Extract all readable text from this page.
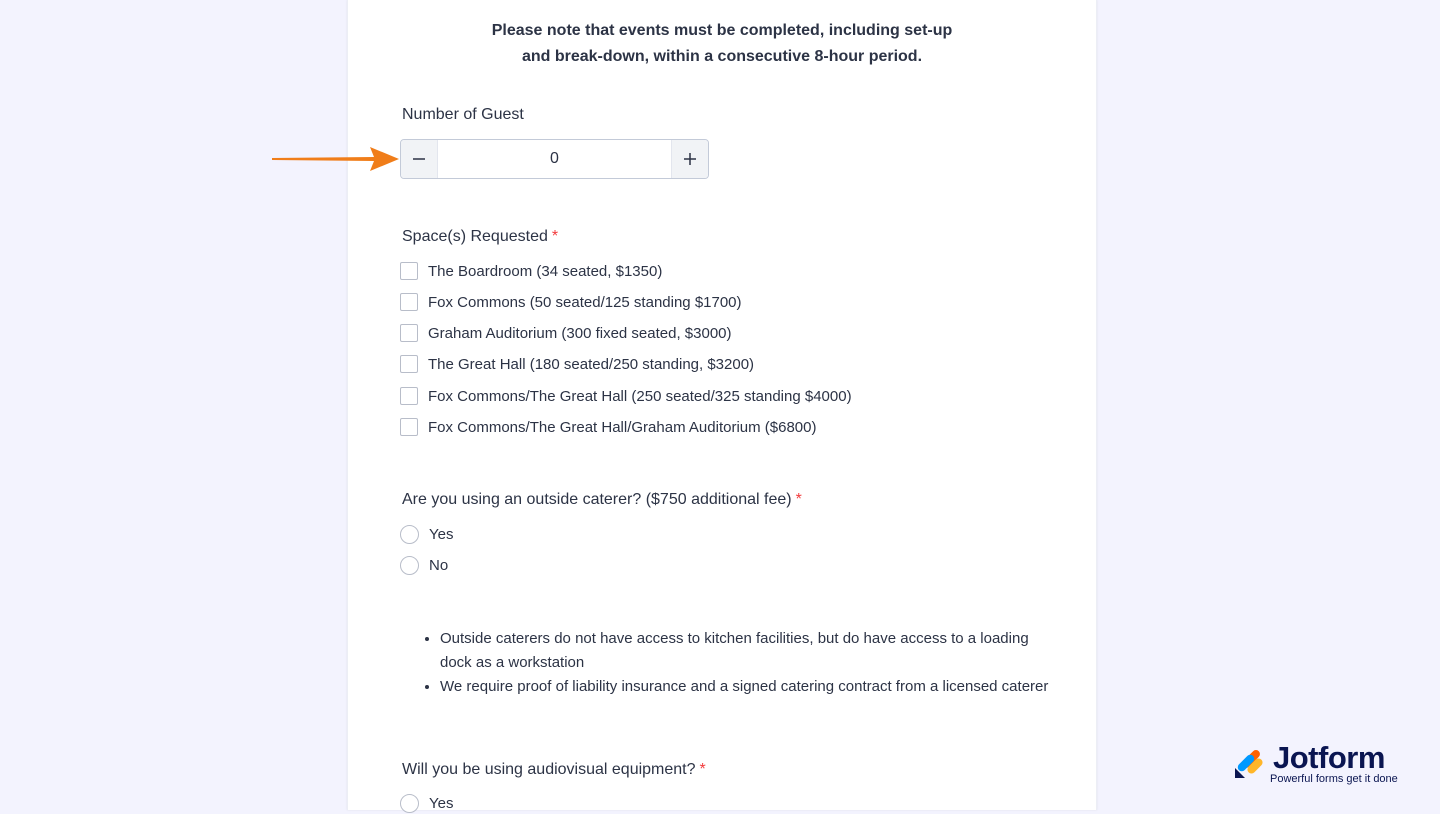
Please note that events must be completed, including set-up
and break-down, within a consecutive 8-hour period.
Number of Guest
0
Space(s) Requested *
The Boardroom (34 seated, $1350)
Fox Commons (50 seated/125 standing $1700)
Graham Auditorium (300 fixed seated, $3000)
The Great Hall (180 seated/250 standing, $3200)
Fox Commons/The Great Hall (250 seated/325 standing $4000)
Fox Commons/The Great Hall/Graham Auditorium ($6800)
Are you using an outside caterer? ($750 additional fee) *
Yes
No
• Outside caterers do not have access to kitchen facilities, but do have access to a loading dock as a workstation
• We require proof of liability insurance and a signed catering contract from a licensed caterer
Will you be using audiovisual equipment? *
Yes
Jotform
Powerful forms get it done
